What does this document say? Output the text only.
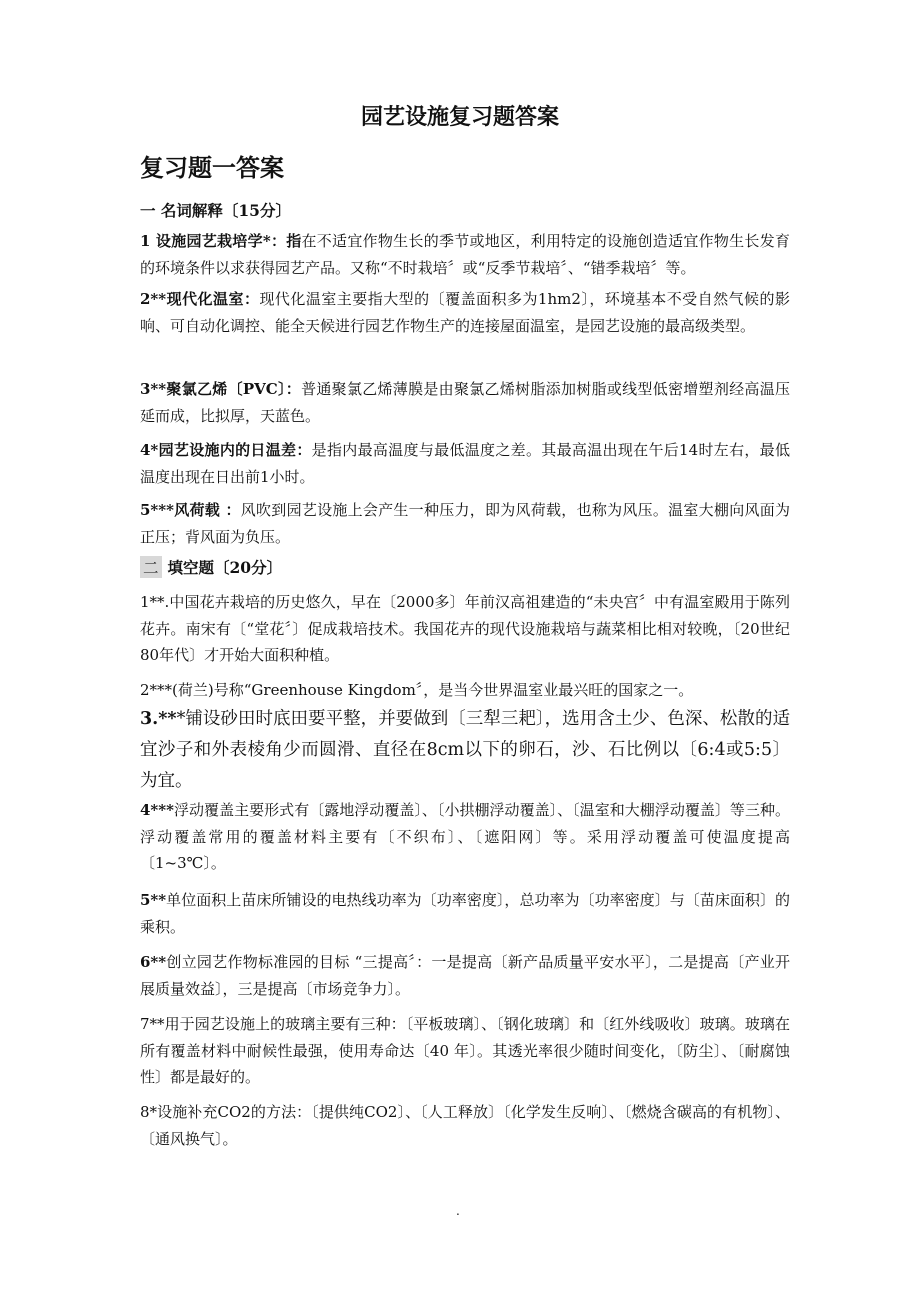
园艺设施复习题答案
复习题一答案
一 名词解释〔15分〕
1 设施园艺栽培学*：指在不适宜作物生长的季节或地区，利用特定的设施创造适宜作物生长发育的环境条件以求获得园艺产品。又称“不时栽培〞或“反季节栽培〞、“错季栽培〞等。
2**现代化温室：现代化温室主要指大型的〔覆盖面积多为1hm2〕，环境基本不受自然气候的影响、可自动化调控、能全天候进行园艺作物生产的连接屋面温室，是园艺设施的最高级类型。
3**聚氯乙烯〔PVC〕：普通聚氯乙烯薄膜是由聚氯乙烯树脂添加树脂或线型低密增塑剂经高温压延而成，比拟厚，天蓝色。
4*园艺设施内的日温差：是指内最高温度与最低温度之差。其最高温出现在午后14时左右，最低温度出现在日出前1小时。
5***风荷载 ：风吹到园艺设施上会产生一种压力，即为风荷载，也称为风压。温室大棚向风面为正压；背风面为负压。
二 填空题〔20分〕
1**.中国花卉栽培的历史悠久，早在〔2000多〕年前汉高祖建造的“未央宫〞中有温室殿用于陈列花卉。南宋有〔“堂花〞〕促成栽培技术。我国花卉的现代设施栽培与蔬菜相比相对较晚，〔20世纪80年代〕才开始大面积种植。
2***(荷兰)号称“Greenhouse Kingdom〞，是当今世界温室业最兴旺的国家之一。
3.***铺设砂田时底田要平整，并要做到〔三犁三耙〕，选用含土少、色深、松散的适宜沙子和外表棱角少而圆滑、直径在8cm以下的卵石，沙、石比例以〔6:4或5:5〕为宜。
4***浮动覆盖主要形式有〔露地浮动覆盖〕、〔小拱棚浮动覆盖〕、〔温室和大棚浮动覆盖〕等三种。浮动覆盖常用的覆盖材料主要有〔不织布〕、〔遮阳网〕等。采用浮动覆盖可使温度提高〔1~3℃〕。
5**单位面积上苗床所铺设的电热线功率为〔功率密度〕，总功率为〔功率密度〕与〔苗床面积〕的乘积。
6**创立园艺作物标准园的目标 “三提高〞：一是提高〔新产品质量平安水平〕，二是提高〔产业开展质量效益〕，三是提高〔市场竞争力〕。
7**用于园艺设施上的玻璃主要有三种：〔平板玻璃〕、〔钢化玻璃〕和〔红外线吸收〕玻璃。玻璃在所有覆盖材料中耐候性最强，使用寿命达〔40 年〕。其透光率很少随时间变化，〔防尘〕、〔耐腐蚀性〕都是最好的。
8*设施补充CO2的方法：〔提供纯CO2〕、〔人工释放〕〔化学发生反响〕、〔燃烧含碳高的有机物〕、〔通风换气〕。
.
